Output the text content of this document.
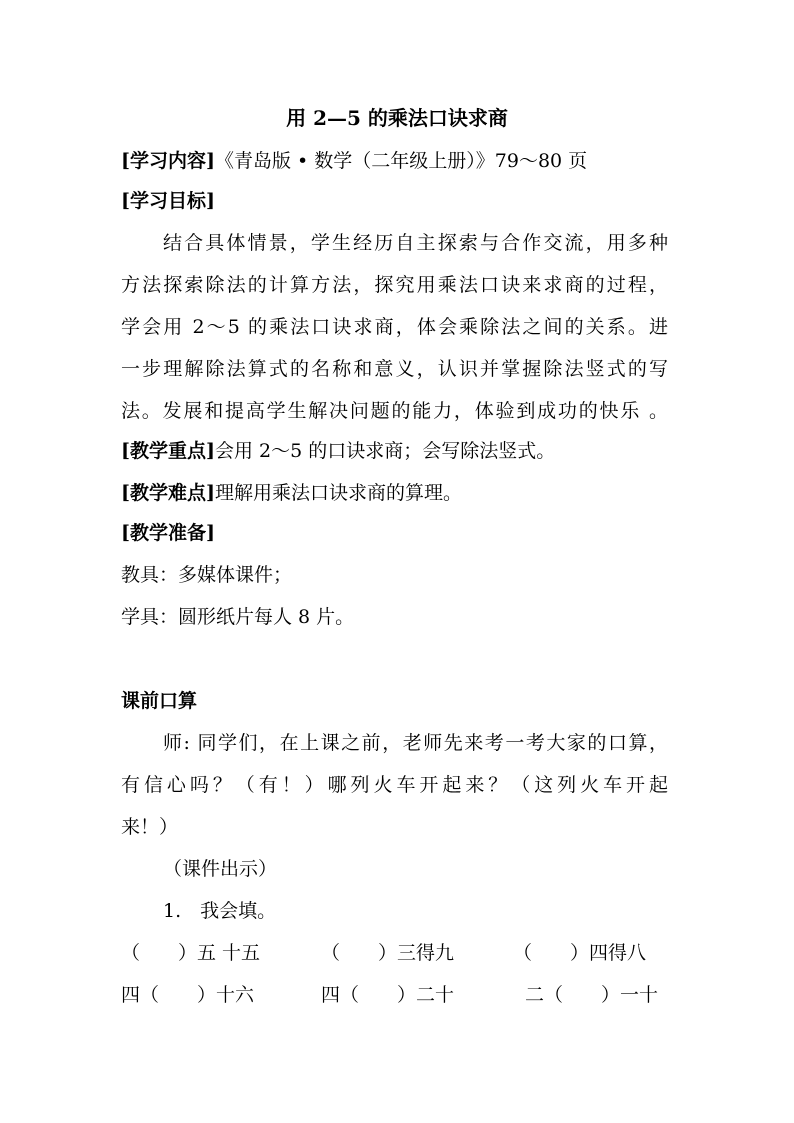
用 2—5 的乘法口诀求商
[学习内容]《青岛版 • 数学（二年级上册）》79～80 页
[学习目标]
结合具体情景，学生经历自主探索与合作交流，用多种
方法探索除法的计算方法，探究用乘法口诀来求商的过程，
学会用 2～5 的乘法口诀求商，体会乘除法之间的关系。进
一步理解除法算式的名称和意义，认识并掌握除法竖式的写
法。发展和提高学生解决问题的能力，体验到成功的快乐 。
[教学重点]会用 2～5 的口诀求商；会写除法竖式。
[教学难点]理解用乘法口诀求商的算理。
[教学准备]
教具：多媒体课件；
学具：圆形纸片每人 8 片。
课前口算
师: 同学们，在上课之前，老师先来考一考大家的口算，
有信心吗？（有！）哪列火车开起来？（这列火车开起
来！）
（课件出示）
1.　我会填。
（　　）五 十五	（　　）三得九	（　　）四得八
四（　　）十六	四（　　）二十	二（　　）一十
